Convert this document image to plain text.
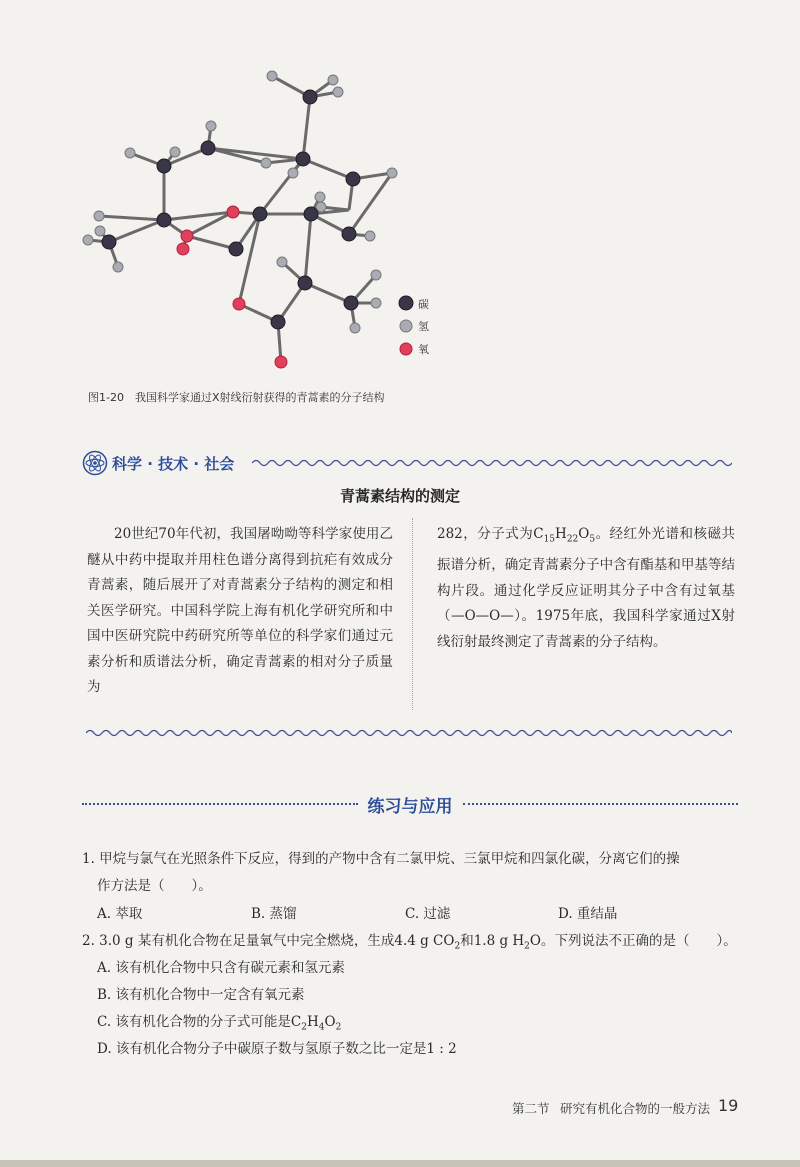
碳
氢
氧
图1-20　我国科学家通过X射线衍射获得的青蒿素的分子结构
科学 · 技术 · 社会
青蒿素结构的测定
20世纪70年代初，我国屠呦呦等科学家使用乙醚从中药中提取并用柱色谱分离得到抗疟有效成分青蒿素，随后展开了对青蒿素分子结构的测定和相关医学研究。中国科学院上海有机化学研究所和中国中医研究院中药研究所等单位的科学家们通过元素分析和质谱法分析，确定青蒿素的相对分子质量为
282，分子式为$C_{15}H_{22}O_5$。经红外光谱和核磁共振谱分析，确定青蒿素分子中含有酯基和甲基等结构片段。通过化学反应证明其分子中含有过氧基（—O—O—）。1975年底，我国科学家通过X射线衍射最终测定了青蒿素的分子结构。
练习与应用
1. 甲烷与氯气在光照条件下反应，得到的产物中含有二氯甲烷、三氯甲烷和四氯化碳，分离它们的操
作方法是（　　）。
A. 萃取	B. 蒸馏	C. 过滤	D. 重结晶
2. 3.0 g 某有机化合物在足量氧气中完全燃烧，生成4.4 g $CO_2$和1.8 g $H_2O$。下列说法不正确的是（　　）。
A. 该有机化合物中只含有碳元素和氢元素
B. 该有机化合物中一定含有氧元素
C. 该有机化合物的分子式可能是$C_2H_4O_2$
D. 该有机化合物分子中碳原子数与氢原子数之比一定是1 : 2
第二节 研究有机化合物的一般方法 19
